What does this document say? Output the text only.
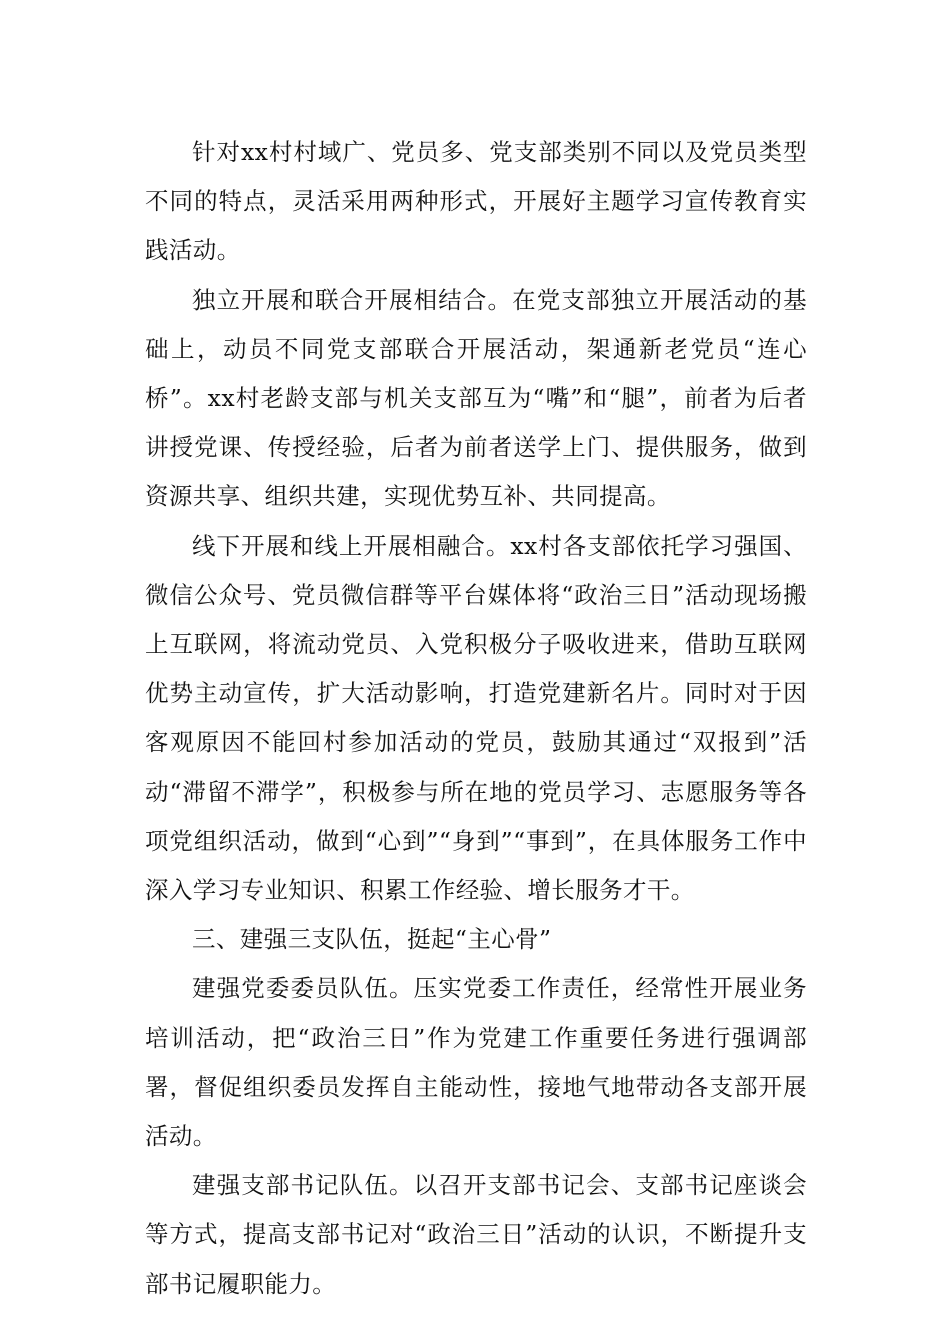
针对xx村村域广、党员多、党支部类别不同以及党员类型不同的特点，灵活采用两种形式，开展好主题学习宣传教育实践活动。

独立开展和联合开展相结合。在党支部独立开展活动的基础上，动员不同党支部联合开展活动，架通新老党员“连心桥”。xx村老龄支部与机关支部互为“嘴”和“腿”，前者为后者讲授党课、传授经验，后者为前者送学上门、提供服务，做到资源共享、组织共建，实现优势互补、共同提高。

线下开展和线上开展相融合。xx村各支部依托学习强国、微信公众号、党员微信群等平台媒体将“政治三日”活动现场搬上互联网，将流动党员、入党积极分子吸收进来，借助互联网优势主动宣传，扩大活动影响，打造党建新名片。同时对于因客观原因不能回村参加活动的党员，鼓励其通过“双报到”活动“滞留不滞学”，积极参与所在地的党员学习、志愿服务等各项党组织活动，做到“心到”“身到”“事到”，在具体服务工作中深入学习专业知识、积累工作经验、增长服务才干。

三、建强三支队伍，挺起“主心骨”

建强党委委员队伍。压实党委工作责任，经常性开展业务培训活动，把“政治三日”作为党建工作重要任务进行强调部署，督促组织委员发挥自主能动性，接地气地带动各支部开展活动。

建强支部书记队伍。以召开支部书记会、支部书记座谈会等方式，提高支部书记对“政治三日”活动的认识，不断提升支部书记履职能力。
